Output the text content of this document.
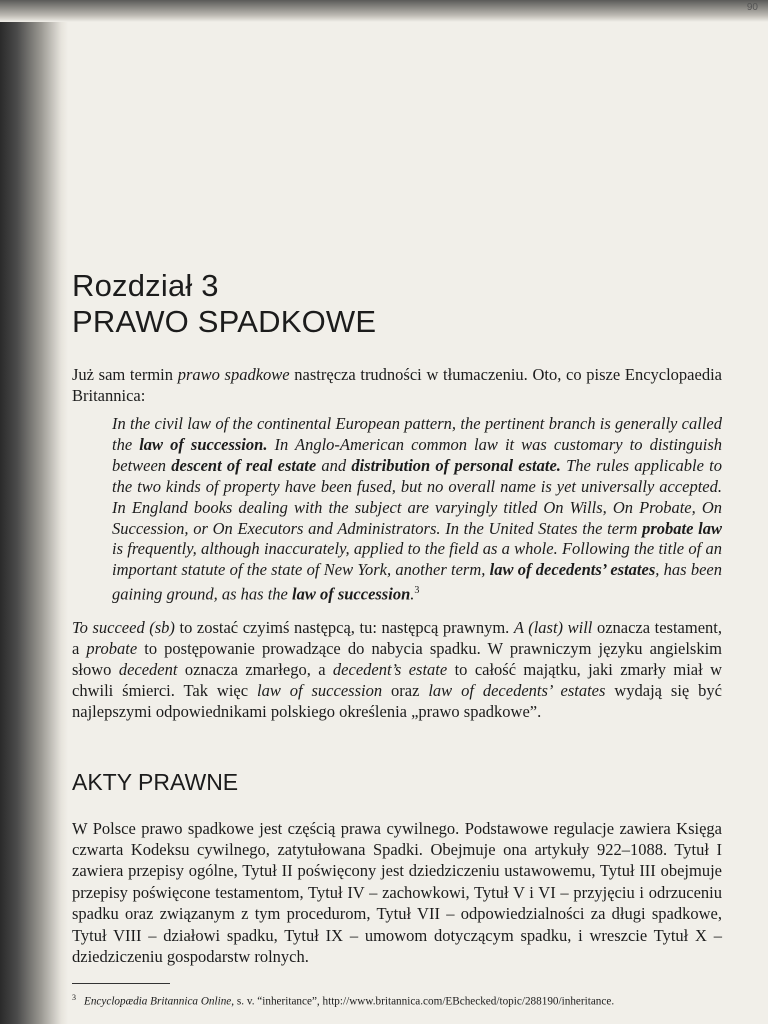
90
Rozdział 3
PRAWO SPADKOWE

Już sam termin prawo spadkowe nastręcza trudności w tłumaczeniu. Oto, co pisze Encyclopaedia Britannica:

In the civil law of the continental European pattern, the pertinent branch is generally called the law of succession. In Anglo-American common law it was customary to distinguish between descent of real estate and distribution of personal estate. The rules applicable to the two kinds of property have been fused, but no overall name is yet universally accepted. In England books dealing with the subject are varyingly titled On Wills, On Probate, On Succession, or On Executors and Administrators. In the United States the term probate law is frequently, although inaccurately, applied to the field as a whole. Following the title of an important statute of the state of New York, another term, law of decedents’ estates, has been gaining ground, as has the law of succession.$^3$

To succeed (sb) to zostać czyimś następcą, tu: następcą prawnym. A (last) will oznacza testament, a probate to postępowanie prowadzące do nabycia spadku. W prawniczym języku angielskim słowo decedent oznacza zmarłego, a decedent’s estate to całość majątku, jaki zmarły miał w chwili śmierci. Tak więc law of succession oraz law of decedents’ estates wydają się być najlepszymi odpowiednikami polskiego określenia „prawo spadkowe”.

AKTY PRAWNE

W Polsce prawo spadkowe jest częścią prawa cywilnego. Podstawowe regulacje zawiera Księga czwarta Kodeksu cywilnego, zatytułowana Spadki. Obejmuje ona artykuły 922–1088. Tytuł I zawiera przepisy ogólne, Tytuł II poświęcony jest dziedziczeniu ustawowemu, Tytuł III obejmuje przepisy poświęcone testamentom, Tytuł IV – zachowkowi, Tytuł V i VI – przyjęciu i odrzuceniu spadku oraz związanym z tym procedurom, Tytuł VII – odpowiedzialności za długi spadkowe, Tytuł VIII – działowi spadku, Tytuł IX – umowom dotyczącym spadku, i wreszcie Tytuł X – dziedziczeniu gospodarstw rolnych.

$^3$ Encyclopædia Britannica Online, s. v. “inheritance”, http://www.britannica.com/EBchecked/topic/288190/inheritance.
